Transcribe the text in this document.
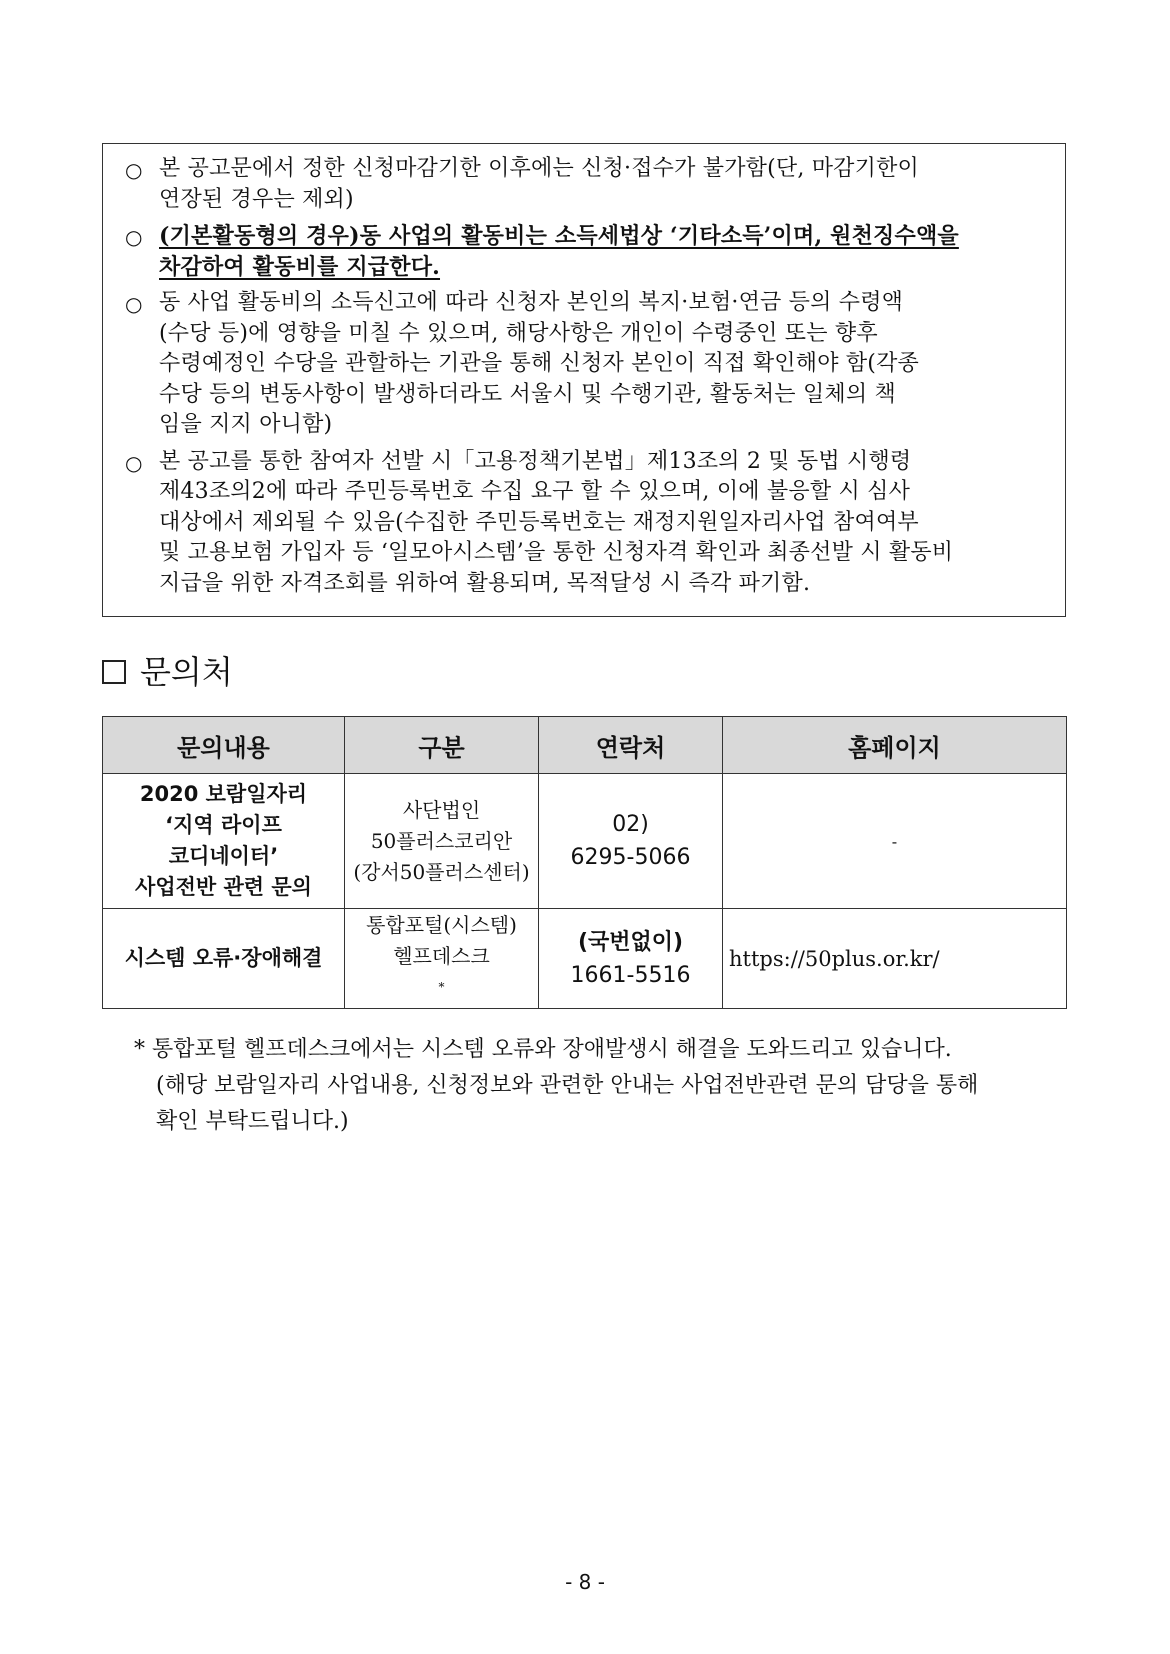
○ 본 공고문에서 정한 신청마감기한 이후에는 신청·접수가 불가함(단, 마감기한이
연장된 경우는 제외)
○ (기본활동형의 경우)동 사업의 활동비는 소득세법상 ‘기타소득’이며, 원천징수액을
차감하여 활동비를 지급한다.
○ 동 사업 활동비의 소득신고에 따라 신청자 본인의 복지·보험·연금 등의 수령액
(수당 등)에 영향을 미칠 수 있으며, 해당사항은 개인이 수령중인 또는 향후
수령예정인 수당을 관할하는 기관을 통해 신청자 본인이 직접 확인해야 함(각종
수당 등의 변동사항이 발생하더라도 서울시 및 수행기관, 활동처는 일체의 책
임을 지지 아니함)
○ 본 공고를 통한 참여자 선발 시「고용정책기본법」제13조의 2 및 동법 시행령
제43조의2에 따라 주민등록번호 수집 요구 할 수 있으며, 이에 불응할 시 심사
대상에서 제외될 수 있음(수집한 주민등록번호는 재정지원일자리사업 참여여부
및 고용보험 가입자 등 ‘일모아시스템’을 통한 신청자격 확인과 최종선발 시 활동비
지급을 위한 자격조회를 위하여 활용되며, 목적달성 시 즉각 파기함.
문의처
문의내용	구분	연락처	홈페이지

2020 보람일자리
‘지역 라이프
코디네이터’
사업전반 관련 문의	사단법인
50플러스코리안
(강서50플러스센터)	02)
6295-5066	-

시스템 오류·장애해결	통합포털(시스템)
헬프데스크
*	(국번없이)
1661-5516	https://50plus.or.kr/
* 통합포털 헬프데스크에서는 시스템 오류와 장애발생시 해결을 도와드리고 있습니다.
(해당 보람일자리 사업내용, 신청정보와 관련한 안내는 사업전반관련 문의 담당을 통해
확인 부탁드립니다.)
- 8 -
